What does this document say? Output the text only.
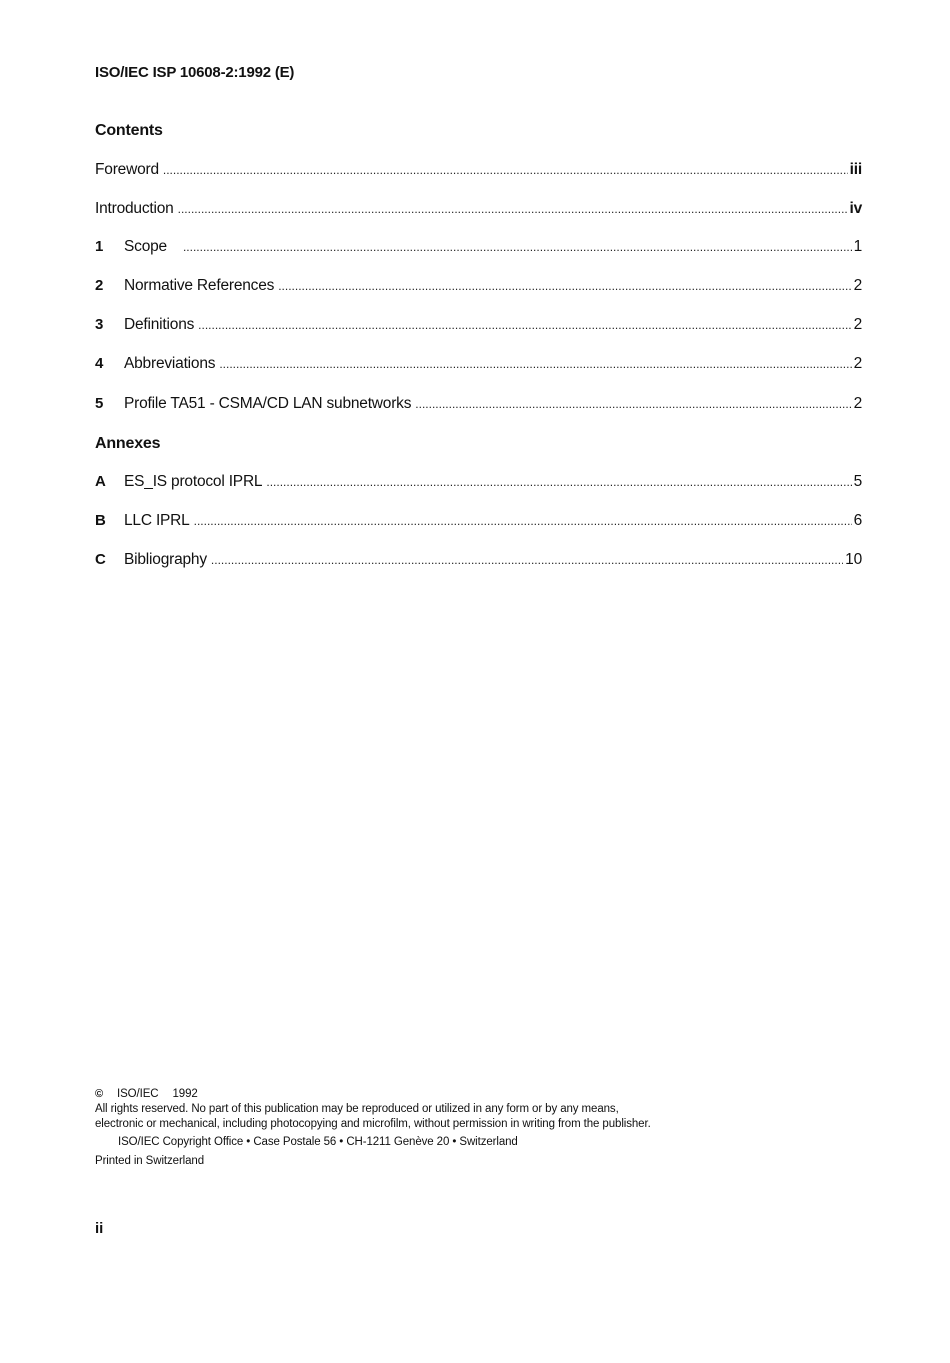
ISO/IEC ISP 10608-2:1992 (E)
Contents
Foreword .....	iii
Introduction .....	iv
1	Scope .....	1
2	Normative References .....	2
3	Definitions .....	2
4	Abbreviations .....	2
5	Profile TA51 - CSMA/CD LAN subnetworks .....	2
Annexes
A	ES_IS protocol IPRL .....	5
B	LLC IPRL .....	6
C	Bibliography .....	10
©	ISO/IEC 1992

All rights reserved. No part of this publication may be reproduced or utilized in any form or by any means, electronic or mechanical, including photocopying and microfilm, without permission in writing from the publisher.

ISO/IEC Copyright Office • Case Postale 56 • CH-1211 Genève 20 • Switzerland
Printed in Switzerland
ii
